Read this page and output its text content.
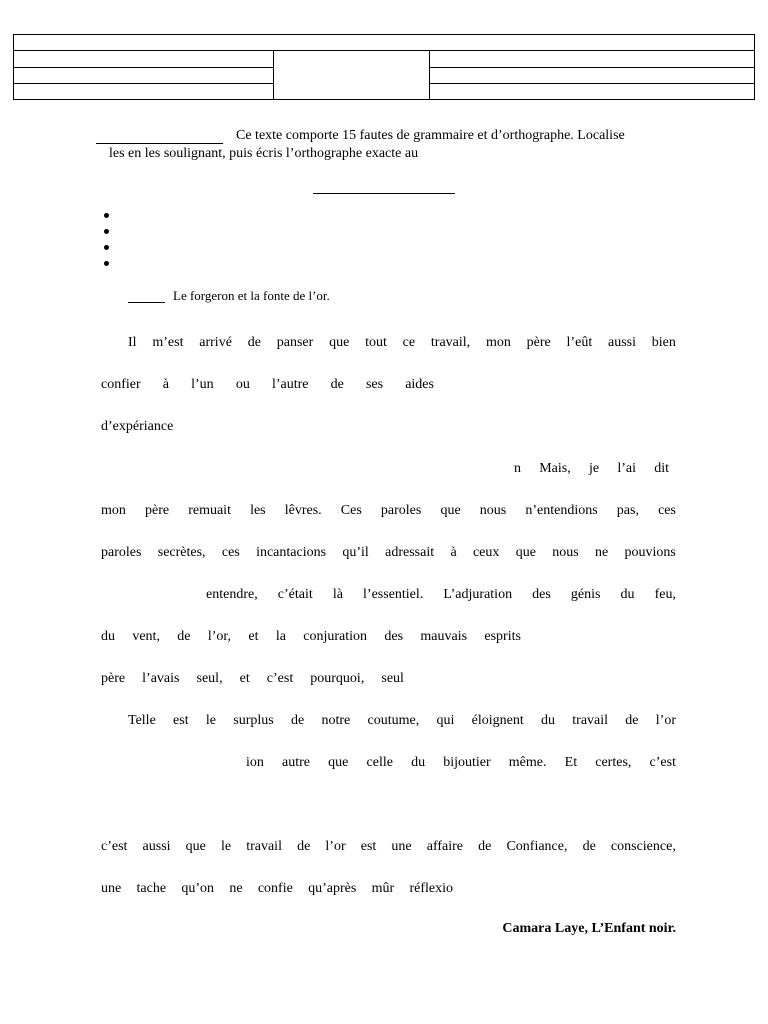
Ce texte comporte 15 fautes de grammaire et d’orthographe. Localise
les en les soulignant, puis écris l’orthographe exacte au
Le forgeron et la fonte de l’or.
Il m’est arrivé de panser que tout ce travail, mon père l’eût aussi bien
confier à l’un ou l’autre de ses aides
d’expériance
n Mais, je l’ai dit
mon père remuait les lêvres. Ces paroles que nous n’entendions pas, ces
paroles secrètes, ces incantacions qu’il adressait à ceux que nous ne pouvions
entendre, c’était là l’essentiel. L’adjuration des génis du feu,
du vent, de l’or, et la conjuration des mauvais esprits
père l’avais seul, et c’est pourquoi, seul
Telle est le surplus de notre coutume, qui éloignent du travail de l’or
ion autre que celle du bijoutier même. Et certes, c’est
c’est aussi que le travail de l’or est une affaire de Confiance, de conscience,
une tache qu’on ne confie qu’après mûr réflexio
Camara Laye, L’Enfant noir.
